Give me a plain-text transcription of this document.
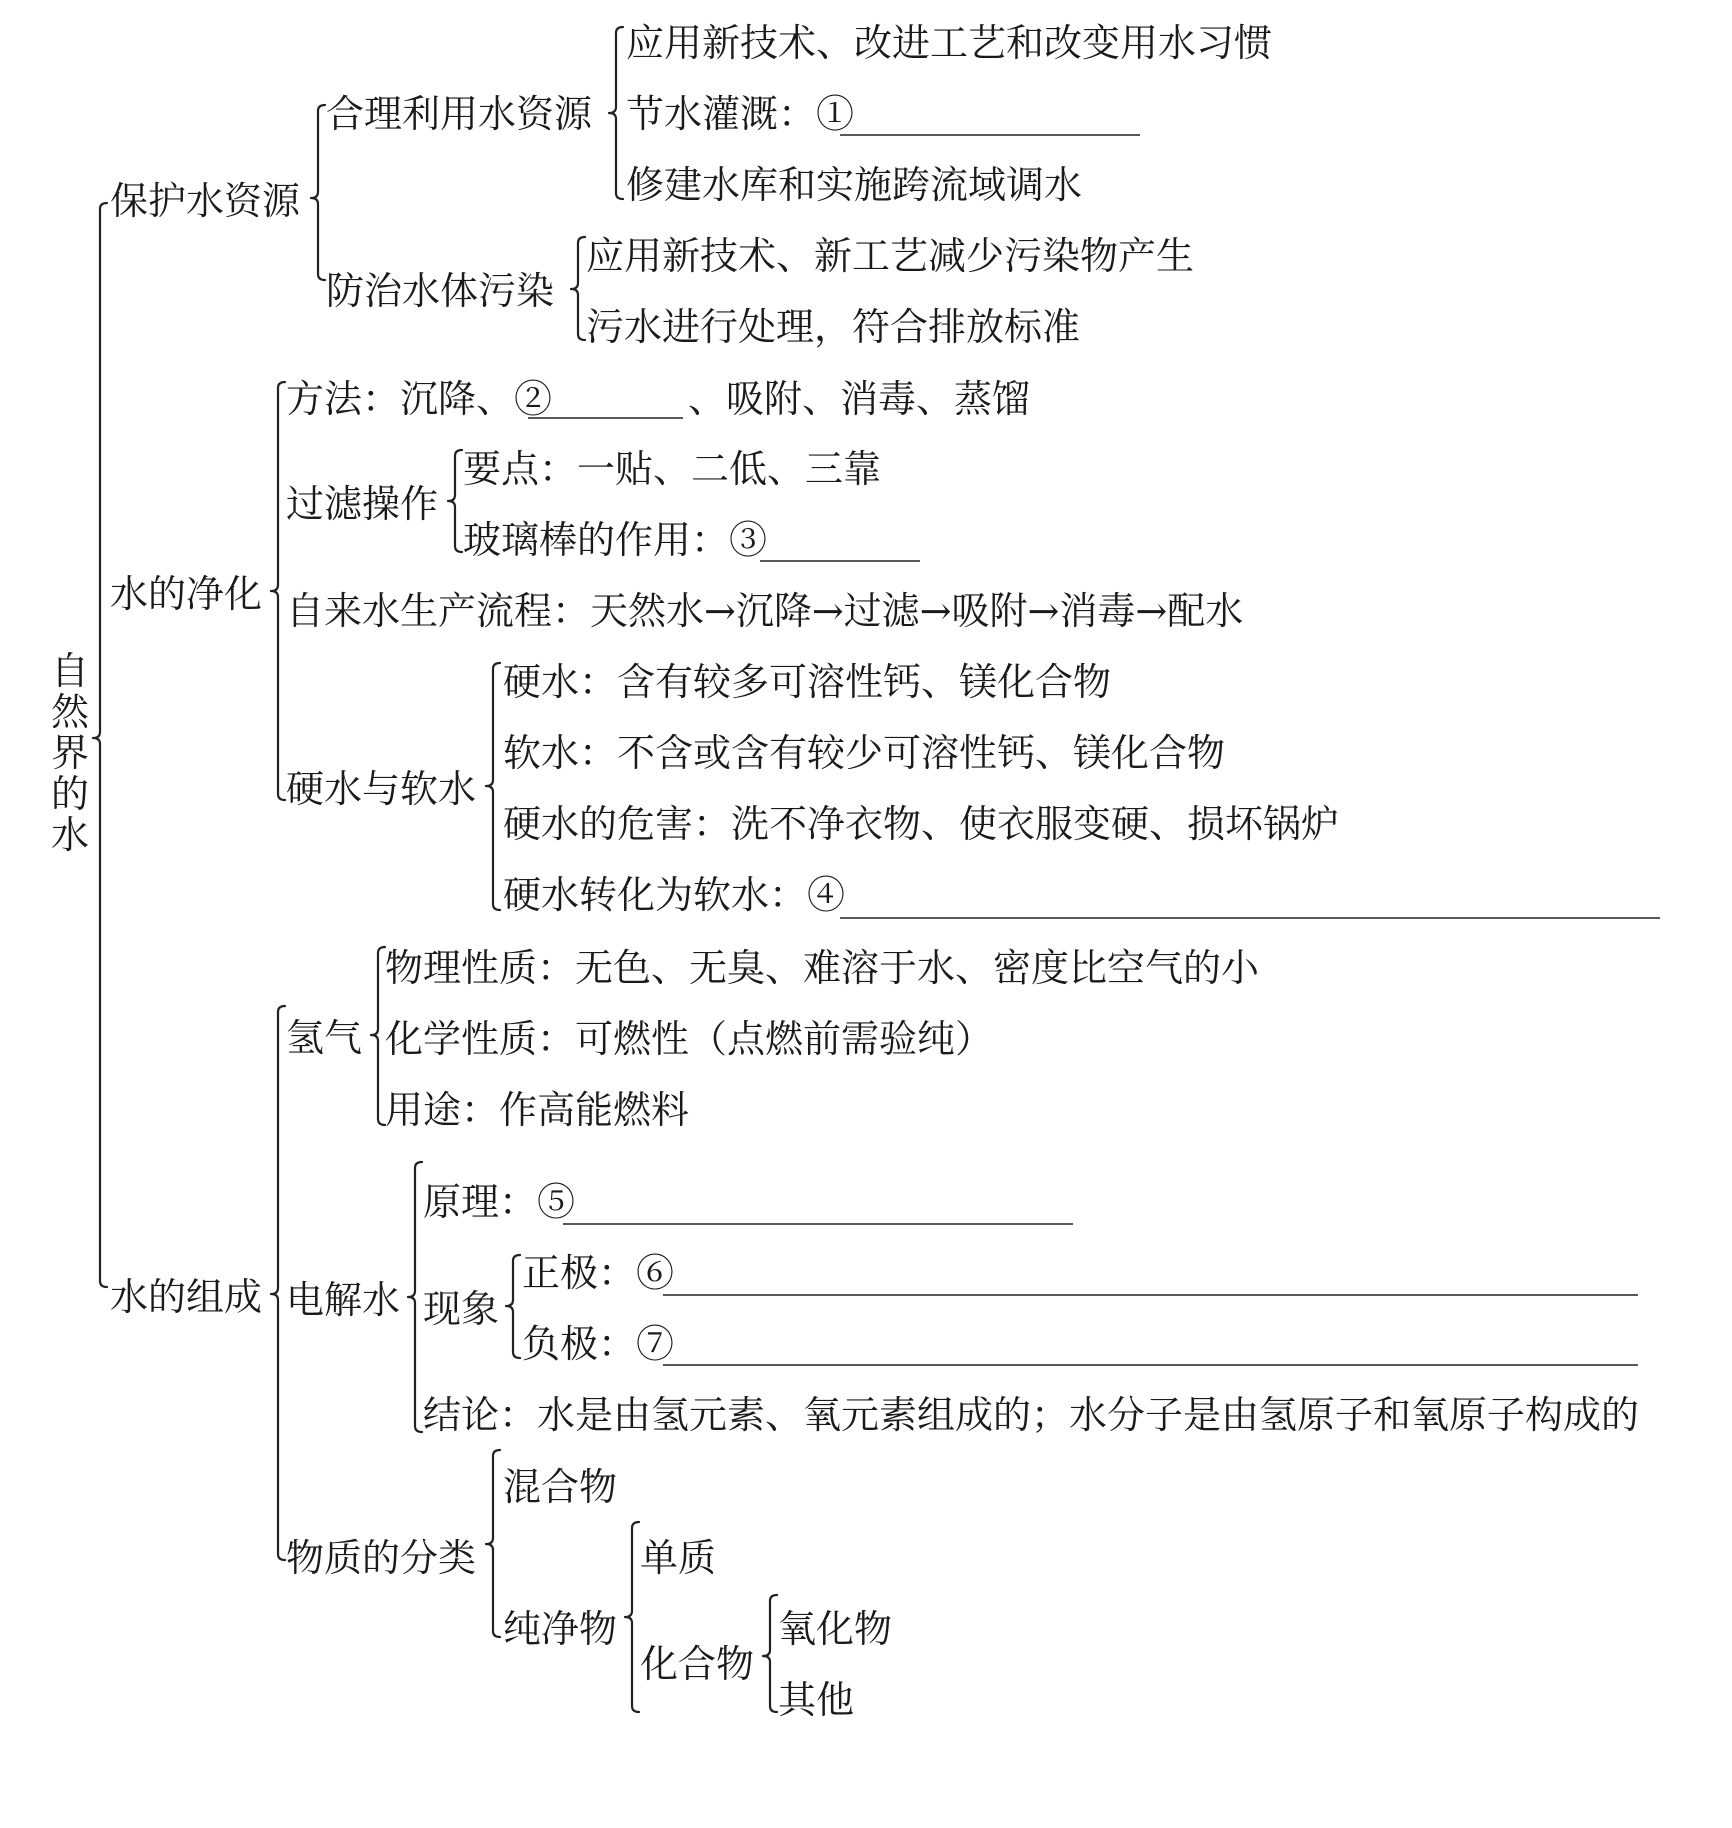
自然界的水
保护水资源
合理利用水资源
应用新技术、改进工艺和改变用水习惯
节水灌溉：①
修建水库和实施跨流域调水
防治水体污染
应用新技术、新工艺减少污染物产生
污水进行处理，符合排放标准
水的净化
方法：沉降、②	、吸附、消毒、蒸馏
过滤操作
要点：一贴、二低、三靠
玻璃棒的作用：③
自来水生产流程：天然水→沉降→过滤→吸附→消毒→配水
硬水与软水
硬水：含有较多可溶性钙、镁化合物
软水：不含或含有较少可溶性钙、镁化合物
硬水的危害：洗不净衣物、使衣服变硬、损坏锅炉
硬水转化为软水：④
水的组成
氢气
物理性质：无色、无臭、难溶于水、密度比空气的小
化学性质：可燃性（点燃前需验纯）
用途：作高能燃料
电解水
原理：⑤
现象
正极：⑥
负极：⑦
结论：水是由氢元素、氧元素组成的；水分子是由氢原子和氧原子构成的
物质的分类
混合物
纯净物
单质
化合物
氧化物
其他
